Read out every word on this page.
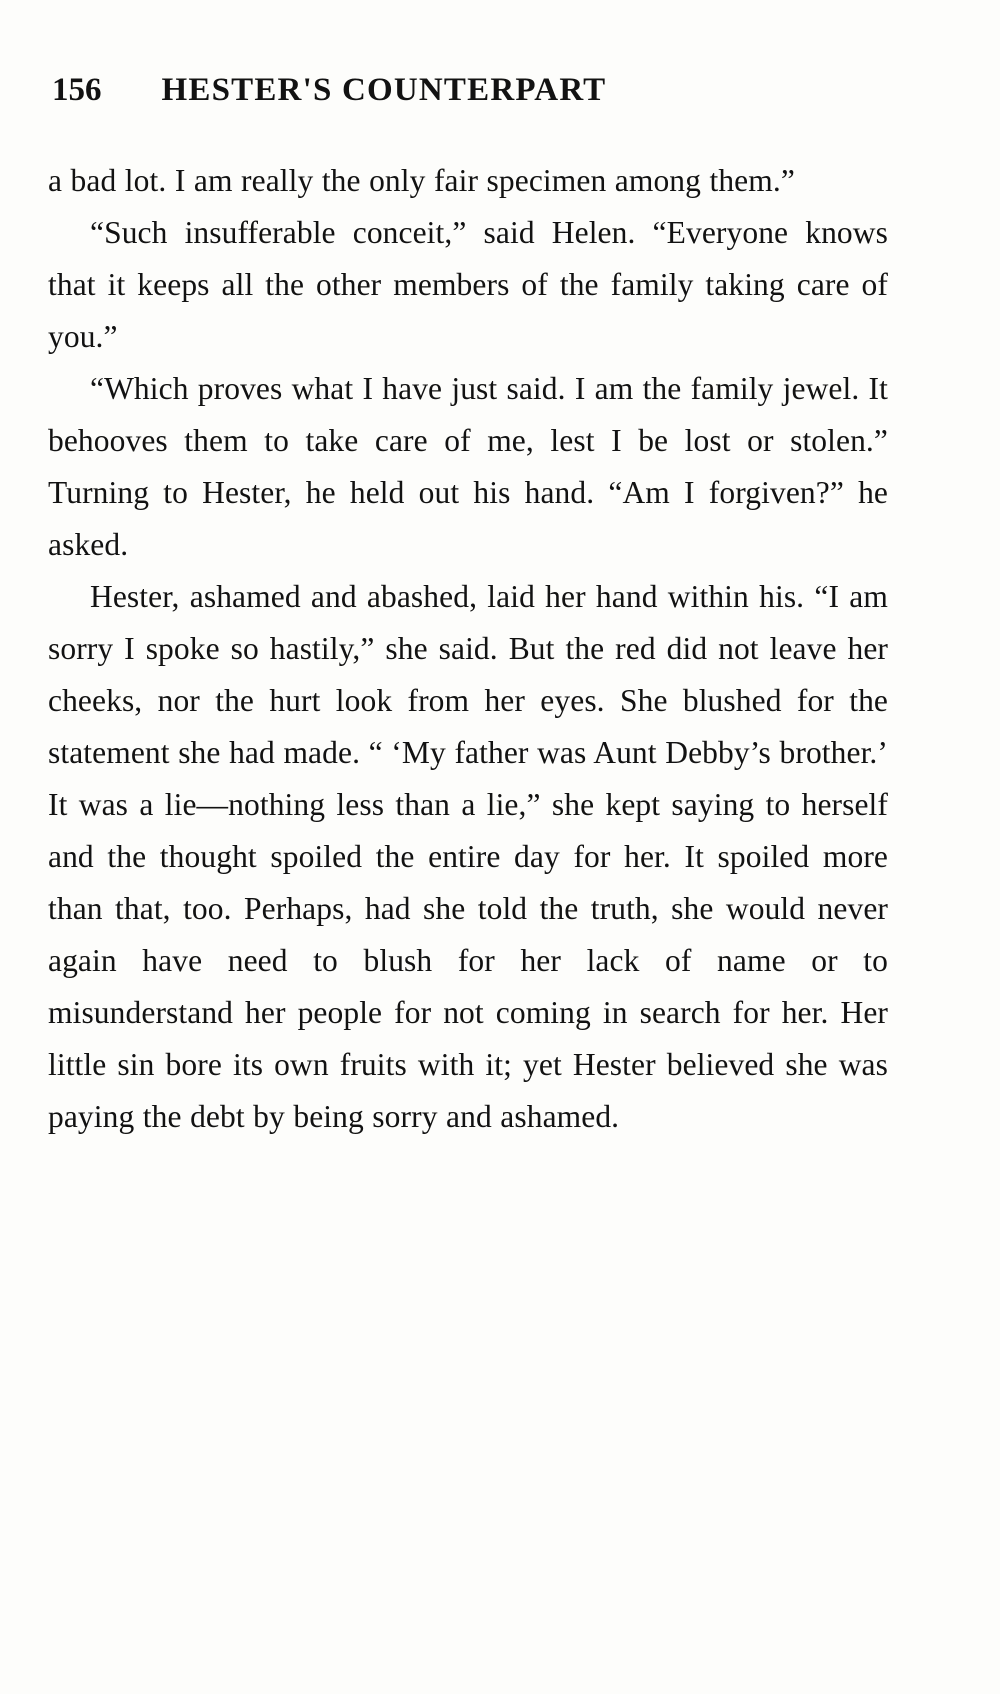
156 HESTER'S COUNTERPART

a bad lot. I am really the only fair specimen among them.”

“Such insufferable conceit,” said Helen. “Everyone knows that it keeps all the other members of the family taking care of you.”

“Which proves what I have just said. I am the family jewel. It behooves them to take care of me, lest I be lost or stolen.” Turning to Hester, he held out his hand. “Am I forgiven?” he asked.

Hester, ashamed and abashed, laid her hand within his. “I am sorry I spoke so hastily,” she said. But the red did not leave her cheeks, nor the hurt look from her eyes. She blushed for the statement she had made. “ ‘My father was Aunt Debby’s brother.’ It was a lie—nothing less than a lie,” she kept saying to herself and the thought spoiled the entire day for her. It spoiled more than that, too. Perhaps, had she told the truth, she would never again have need to blush for her lack of name or to misunderstand her people for not coming in search for her. Her little sin bore its own fruits with it; yet Hester believed she was paying the debt by being sorry and ashamed.
